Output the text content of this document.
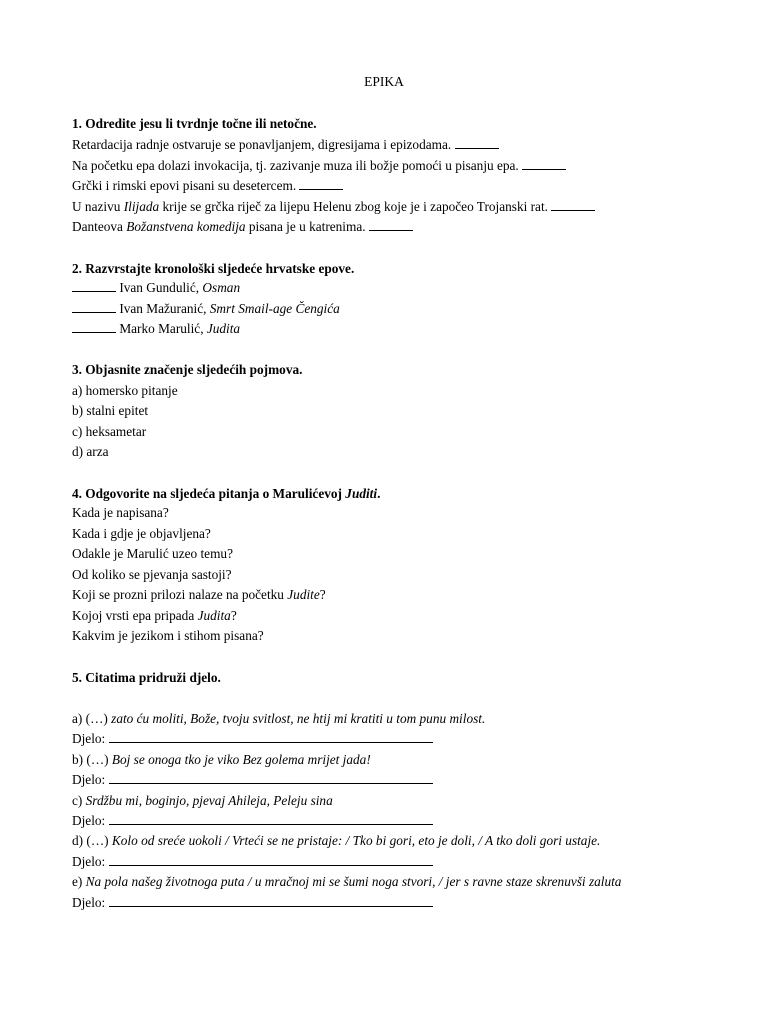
EPIKA
1. Odredite jesu li tvrdnje točne ili netočne.
Retardacija radnje ostvaruje se ponavljanjem, digresijama i epizodama.
Na početku epa dolazi invokacija, tj. zazivanje muza ili božje pomoći u pisanju epa.
Grčki i rimski epovi pisani su desetercem.
U nazivu Ilijada krije se grčka riječ za lijepu Helenu zbog koje je i započeo Trojanski rat.
Danteova Božanstvena komedija pisana je u katrenima.
2. Razvrstajte kronološki sljedeće hrvatske epove.
Ivan Gundulić, Osman
Ivan Mažuranić, Smrt Smail-age Čengića
Marko Marulić, Judita
3. Objasnite značenje sljedećih pojmova.
a) homersko pitanje
b) stalni epitet
c) heksametar
d) arza
4. Odgovorite na sljedeća pitanja o Marulićevoj Juditi.
Kada je napisana?
Kada i gdje je objavljena?
Odakle je Marulić uzeo temu?
Od koliko se pjevanja sastoji?
Koji se prozni prilozi nalaze na početku Judite?
Kojoj vrsti epa pripada Judita?
Kakvim je jezikom i stihom pisana?
5. Citatima pridruži djelo.
a) (…) zato ću moliti, Bože, tvoju svitlost, ne htij mi kratiti u tom punu milost.
Djelo:
b) (…) Boj se onoga tko je viko Bez golema mrijet jada!
Djelo:
c) Srdžbu mi, boginjo, pjevaj Ahileja, Peleju sina
Djelo:
d) (…) Kolo od sreće uokoli / Vrteći se ne pristaje: / Tko bi gori, eto je doli, / A tko doli gori ustaje.
Djelo:
e) Na pola našeg životnoga puta / u mračnoj mi se šumi noga stvori, / jer s ravne staze skrenuvši zaluta
Djelo:
